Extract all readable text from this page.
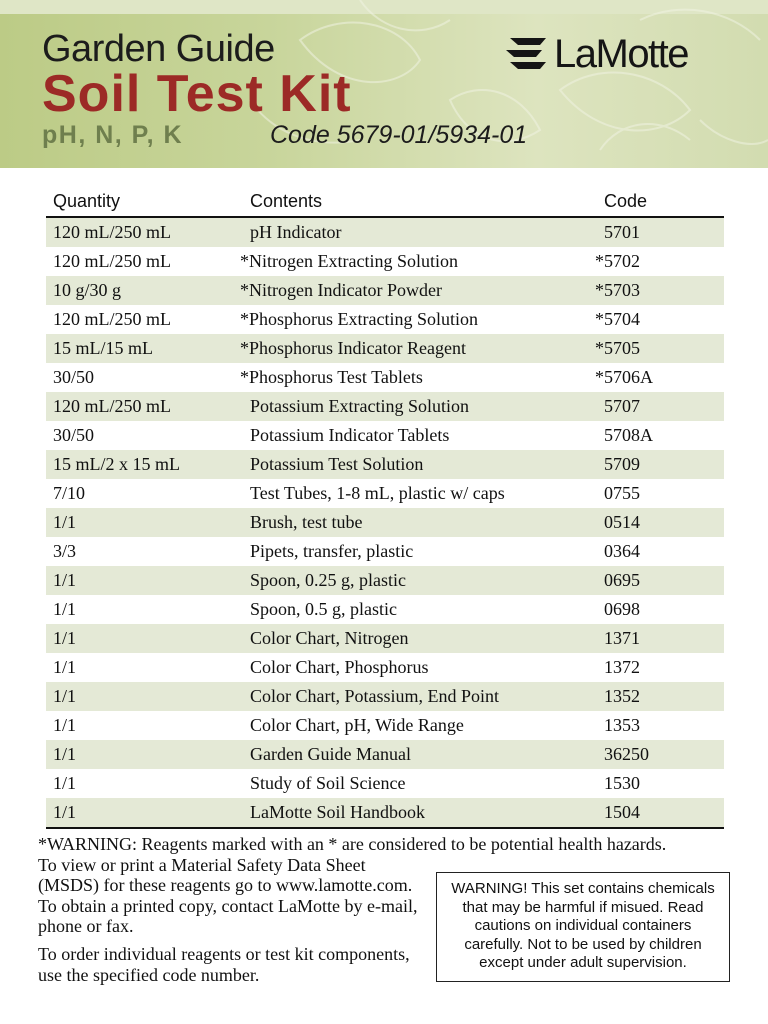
Garden Guide
Soil Test Kit
pH, N, P, K	Code 5679-01/5934-01
LaMotte
Quantity	Contents	Code
120 mL/250 mL	pH Indicator	5701
120 mL/250 mL	*Nitrogen Extracting Solution	*5702
10 g/30 g	*Nitrogen Indicator Powder	*5703
120 mL/250 mL	*Phosphorus Extracting Solution	*5704
15 mL/15 mL	*Phosphorus Indicator Reagent	*5705
30/50	*Phosphorus Test Tablets	*5706A
120 mL/250 mL	Potassium Extracting Solution	5707
30/50	Potassium Indicator Tablets	5708A
15 mL/2 x 15 mL	Potassium Test Solution	5709
7/10	Test Tubes, 1-8 mL, plastic w/ caps	0755
1/1	Brush, test tube	0514
3/3	Pipets, transfer, plastic	0364
1/1	Spoon, 0.25 g, plastic	0695
1/1	Spoon, 0.5 g, plastic	0698
1/1	Color Chart, Nitrogen	1371
1/1	Color Chart, Phosphorus	1372
1/1	Color Chart, Potassium, End Point	1352
1/1	Color Chart, pH, Wide Range	1353
1/1	Garden Guide Manual	36250
1/1	Study of Soil Science	1530
1/1	LaMotte Soil Handbook	1504

*WARNING: Reagents marked with an * are considered to be potential health hazards.

To view or print a Material Safety Data Sheet

(MSDS) for these reagents go to www.lamotte.com.

To obtain a printed copy, contact LaMotte by e-mail,

phone or fax.

To order individual reagents or test kit components,

use the specified code number.

WARNING! This set contains chemicals
that may be harmful if misued. Read
cautions on individual containers
carefully. Not to be used by children
except under adult supervision.
